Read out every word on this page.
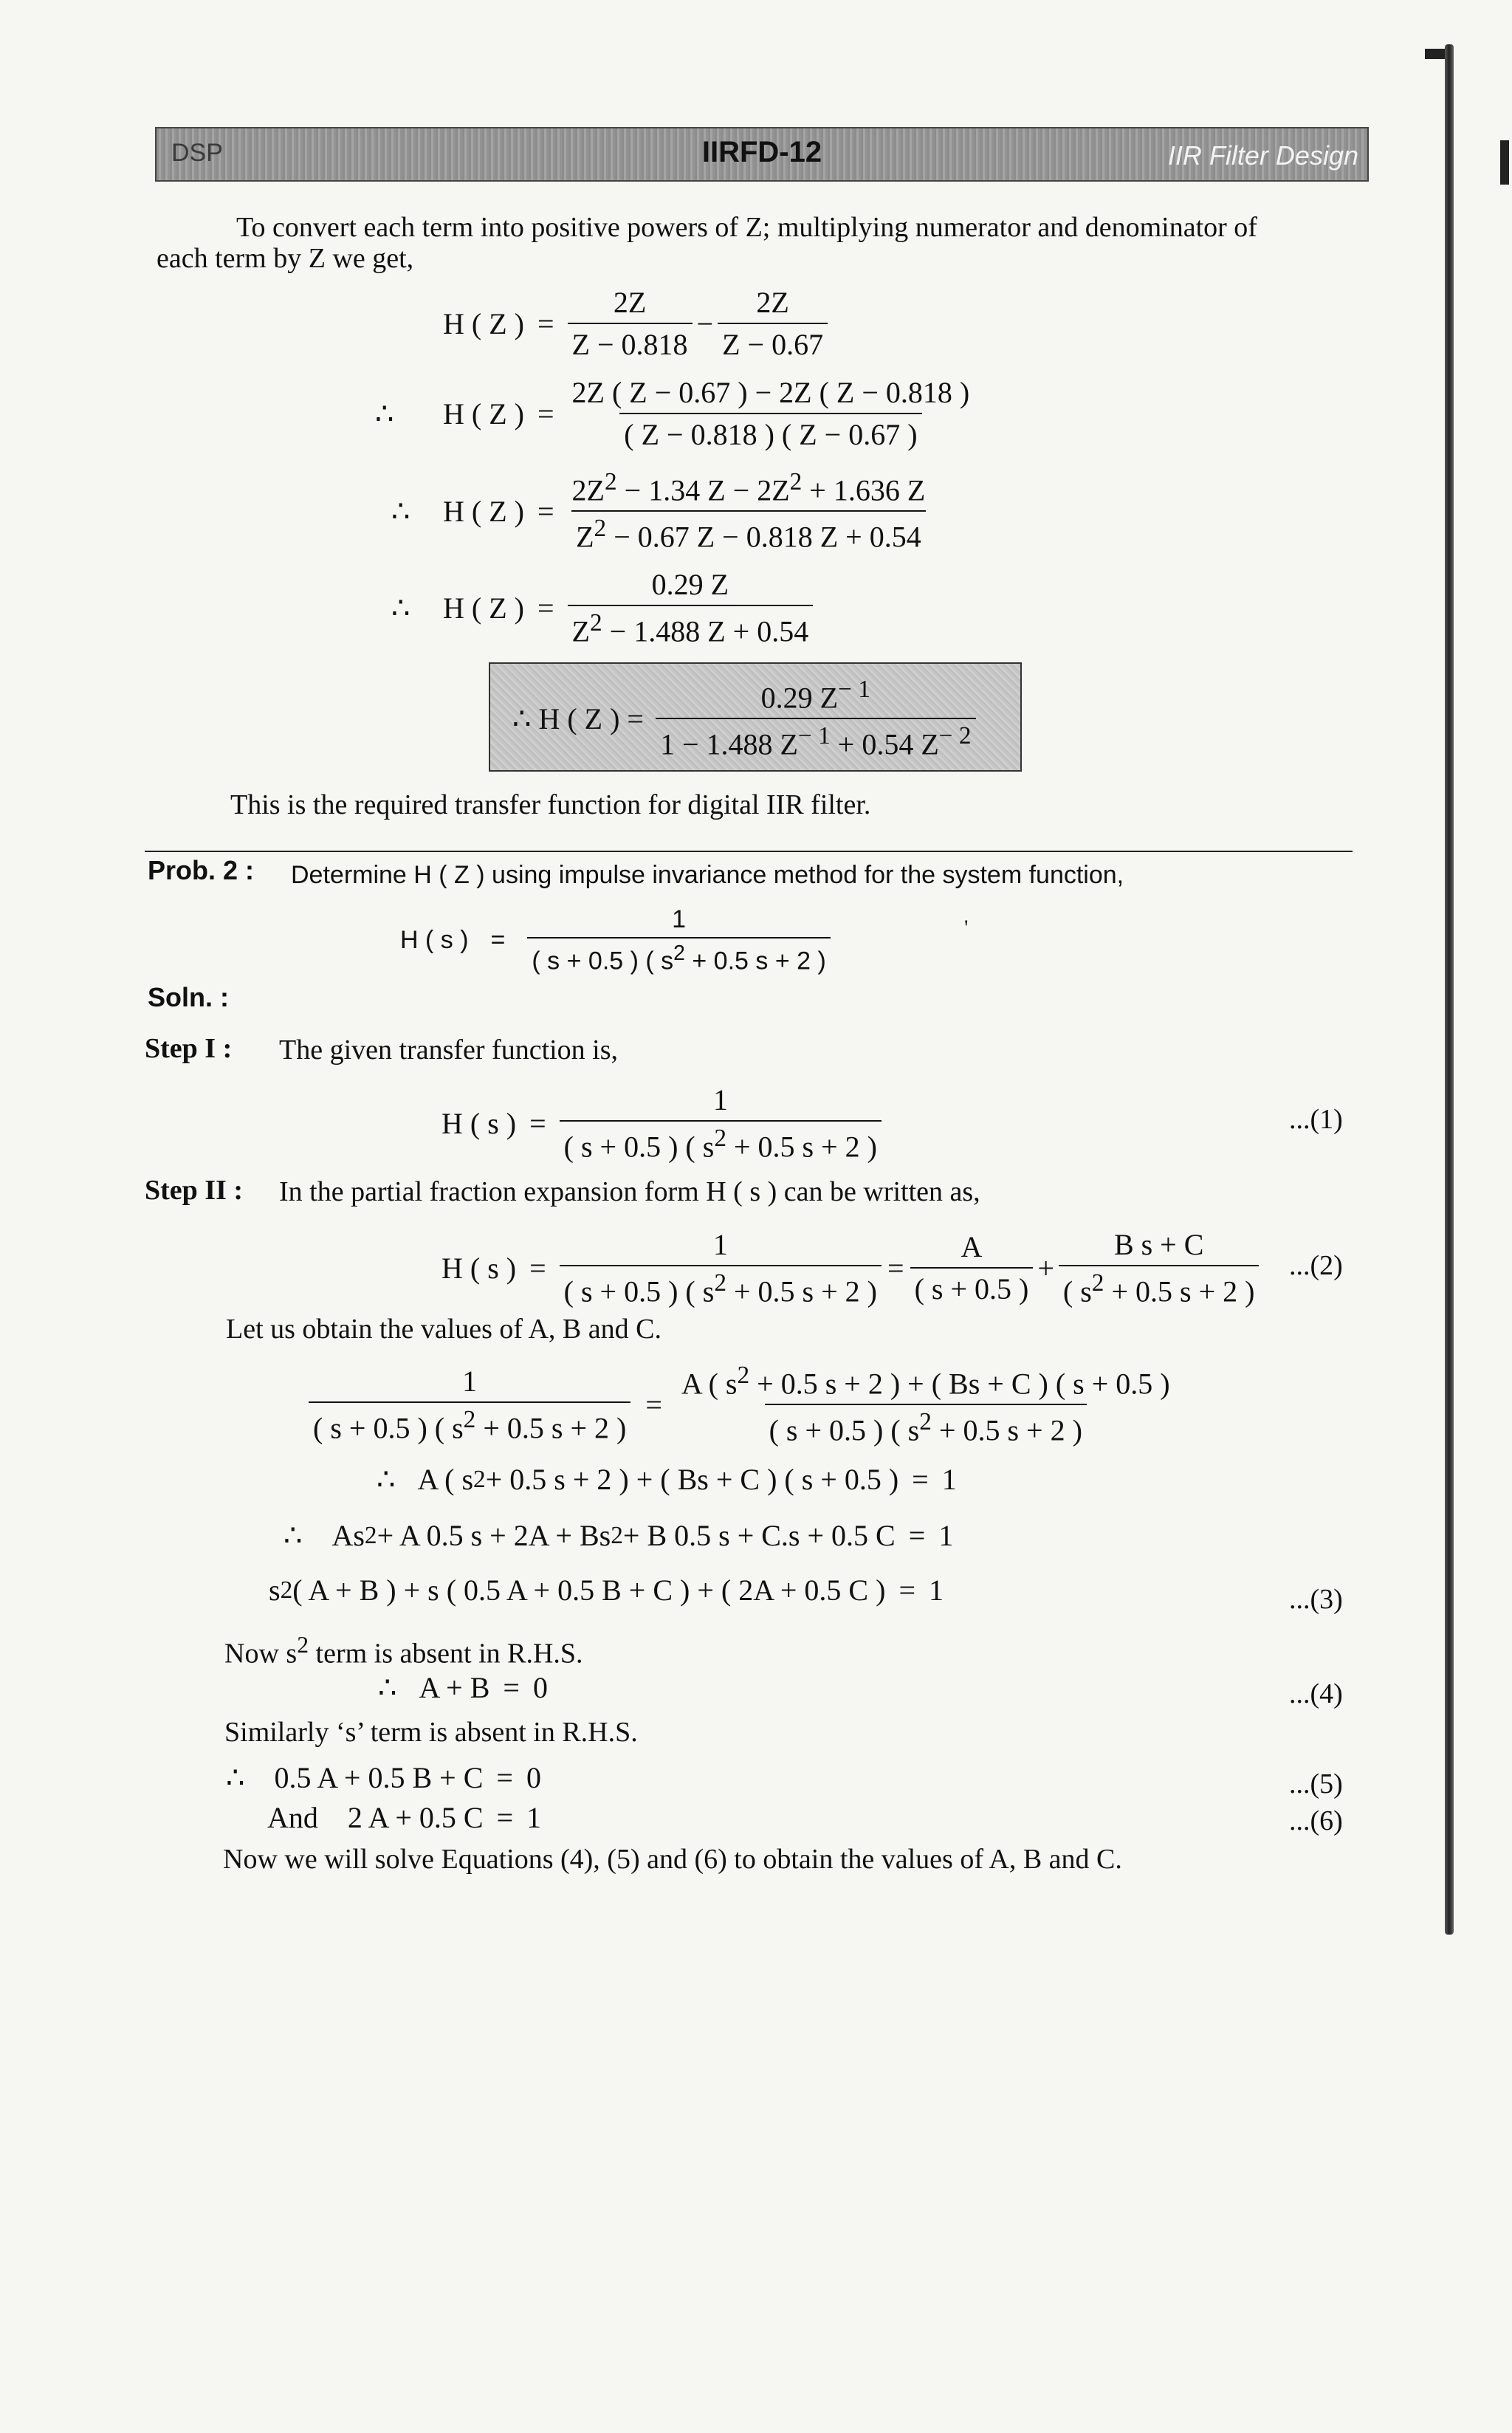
DSP	IIRFD-12	IIR Filter Design
To convert each term into positive powers of Z; multiplying numerator and denominator of
each term by Z we get,
H ( Z ) = $\frac{2Z}{Z - 0.818} - \frac{2Z}{Z - 0.67}$
∴	H ( Z ) = $\frac{2Z ( Z - 0.67 ) - 2Z ( Z - 0.818 )}{( Z - 0.818 ) ( Z - 0.67 )}$
∴	H ( Z ) = $\frac{2Z^2 - 1.34 Z - 2Z^2 + 1.636 Z}{Z^2 - 0.67 Z - 0.818 Z + 0.54}$
∴	H ( Z ) = $\frac{0.29 Z}{Z^2 - 1.488 Z + 0.54}$
∴ H ( Z ) = $\frac{0.29 Z^{- 1}}{1 - 1.488 Z^{- 1} + 0.54 Z^{- 2}}$
This is the required transfer function for digital IIR filter.
Prob. 2 : Determine H ( Z ) using impulse invariance method for the system function,
H ( s ) = $\frac{1}{( s + 0.5 ) ( s^2 + 0.5 s + 2 )}$	'
Soln. :
Step I : The given transfer function is,
H ( s ) = $\frac{1}{( s + 0.5 ) ( s^2 + 0.5 s + 2 )}$	...(1)
Step II : In the partial fraction expansion form H ( s ) can be written as,
H ( s ) = $\frac{1}{( s + 0.5 ) ( s^2 + 0.5 s + 2 )} = \frac{A}{( s + 0.5 )} + \frac{\text{B s + C}}{( s^2 + 0.5 s + 2 )} ...(2)$
Let us obtain the values of A, B and C.
$\frac{1}{( s + 0.5 ) ( s^2 + 0.5 s + 2 )} = \frac{A ( s^2 + 0.5 s + 2 ) + ( Bs + C ) ( s + 0.5 )}{( s + 0.5 ) ( s^2 + 0.5 s + 2 )}$
∴ A ( s 2 + 0.5 s + 2 ) + ( Bs + C ) ( s + 0.5 ) = 1
∴	As 2 + A 0.5 s + 2A + Bs 2 + B 0.5 s + C.s + 0.5 C = 1
s 2 ( A + B ) + s ( 0.5 A + 0.5 B + C ) + ( 2A + 0.5 C ) = 1	...(3)
Now $s^2$ term is absent in R.H.S.
∴ A + B = 0	...(4)
Similarly ‘s’ term is absent in R.H.S.
∴	0.5 A + 0.5 B + C = 0	...(5)
And	2 A + 0.5 C = 1	...(6)
Now we will solve Equations (4), (5) and (6) to obtain the values of A, B and C.
